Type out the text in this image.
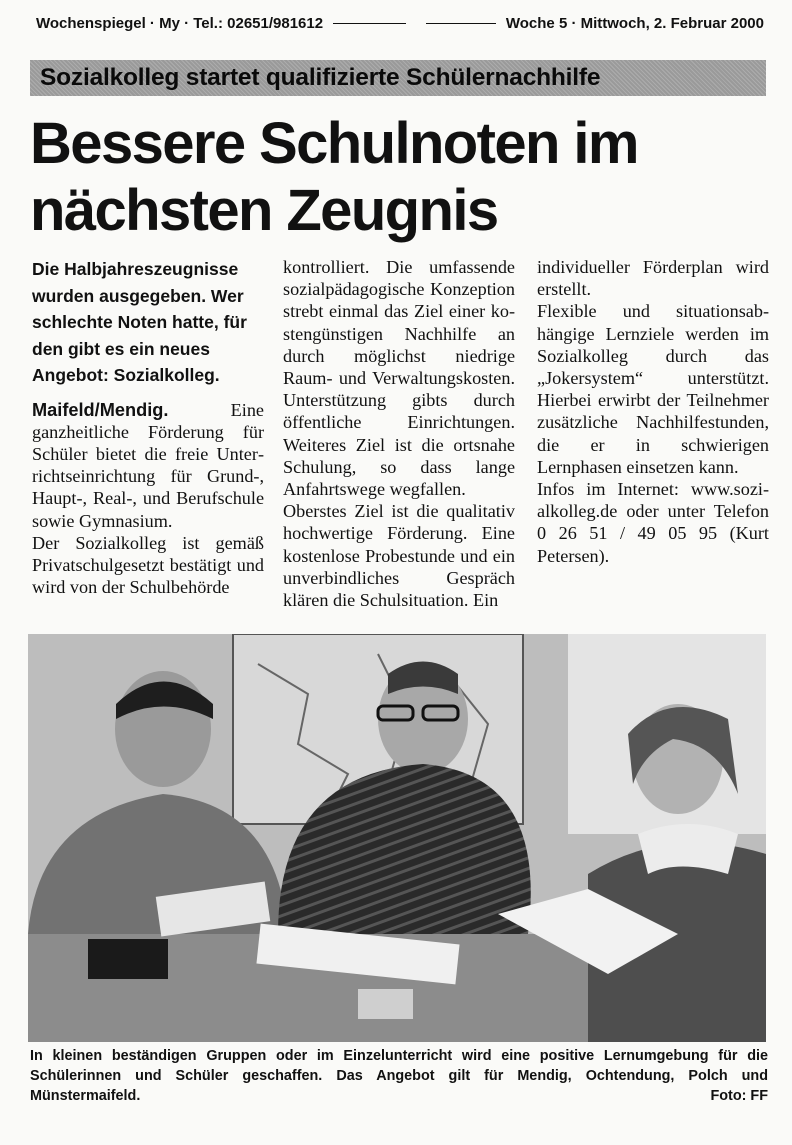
Wochenspiegel · My · Tel.: 02651/981612	Woche 5 · Mittwoch, 2. Februar 2000
Sozialkolleg startet qualifizierte Schülernachhilfe
Bessere Schulnoten im
nächsten Zeugnis

Die Halbjahreszeugnisse wurden ausgegeben. Wer schlechte Noten hatte, für den gibt es ein neues Angebot: Sozialkolleg.

Maifeld/Mendig.	Eine ganzheitliche Förderung für Schüler bietet die freie Unterrichtseinrichtung für Grund-, Haupt-, Real-, und Berufschule sowie Gymnasium.

Der Sozialkolleg ist gemäß Privatschulgesetzt bestätigt und wird von der Schulbehörde

kontrolliert. Die umfassende sozialpädagogische Konzeption strebt einmal das Ziel einer kostengünstigen Nachhilfe an durch möglichst niedrige Raum- und Verwaltungskosten. Unterstützung gibts durch öffentliche	Einrichtungen. Weiteres Ziel ist die ortsnahe Schulung, so dass lange Anfahrtswege wegfallen.

Oberstes Ziel ist die qualitativ hochwertige Förderung. Eine kostenlose Probestunde und ein unverbindliches	Gespräch klären die Schulsituation. Ein

individueller Förderplan wird erstellt.

Flexible und situationsabhängige Lernziele werden im Sozialkolleg durch das „Jokersystem“ unterstützt. Hierbei erwirbt der Teilnehmer zusätzliche Nachhilfestunden, die er in schwierigen Lernphasen einsetzen kann.

Infos im Internet: www.sozialkolleg.de oder unter Telefon 0 26 51 / 49 05 95 (Kurt Petersen).

In kleinen beständigen Gruppen oder im Einzelunterricht wird eine positive Lernumgebung für die Schülerinnen und Schüler geschaffen. Das Angebot gilt für Mendig, Ochtendung, Polch und Münstermaifeld.	Foto: FF
